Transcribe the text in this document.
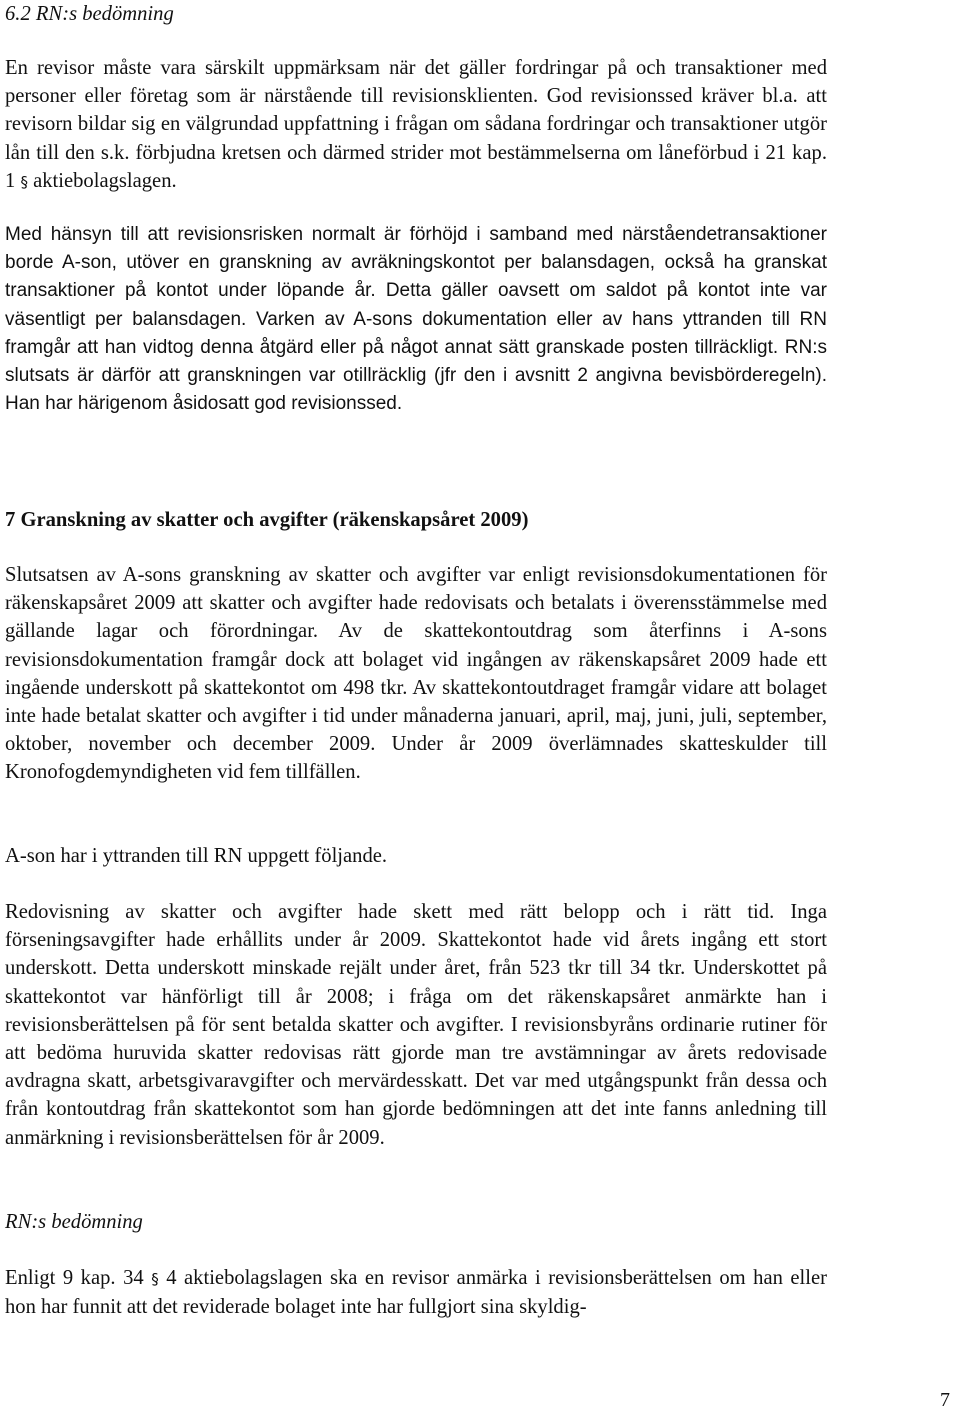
6.2 RN:s bedömning

En revisor måste vara särskilt uppmärksam när det gäller fordringar på och transaktioner med personer eller företag som är närstående till revisionsklienten. God revisionssed kräver bl.a. att revisorn bildar sig en välgrundad uppfattning i frågan om sådana fordringar och transaktioner utgör lån till den s.k. förbjudna kretsen och därmed strider mot bestämmelserna om låneförbud i 21 kap. 1 § aktiebolagslagen.

Med hänsyn till att revisionsrisken normalt är förhöjd i samband med närståendetransaktioner borde A-son, utöver en granskning av avräkningskontot per balansdagen, också ha granskat transaktioner på kontot under löpande år. Detta gäller oavsett om saldot på kontot inte var väsentligt per balansdagen. Varken av A-sons dokumentation eller av hans yttranden till RN framgår att han vidtog denna åtgärd eller på något annat sätt granskade posten tillräckligt. RN:s slutsats är därför att granskningen var otillräcklig (jfr den i avsnitt 2 angivna bevisbörderegeln). Han har härigenom åsidosatt god revisionssed.

7 Granskning av skatter och avgifter (räkenskapsåret 2009)

Slutsatsen av A-sons granskning av skatter och avgifter var enligt revisionsdokumentationen för räkenskapsåret 2009 att skatter och avgifter hade redovisats och betalats i överensstämmelse med gällande lagar och förordningar. Av de skattekontoutdrag som återfinns i A-sons revisionsdokumentation framgår dock att bolaget vid ingången av räkenskapsåret 2009 hade ett ingående underskott på skattekontot om 498 tkr. Av skattekontoutdraget framgår vidare att bolaget inte hade betalat skatter och avgifter i tid under månaderna januari, april, maj, juni, juli, september, oktober, november och december 2009. Under år 2009 överlämnades skatteskulder till Kronofogdemyndigheten vid fem tillfällen.

A-son har i yttranden till RN uppgett följande.

Redovisning av skatter och avgifter hade skett med rätt belopp och i rätt tid. Inga förseningsavgifter hade erhållits under år 2009. Skattekontot hade vid årets ingång ett stort underskott. Detta underskott minskade rejält under året, från 523 tkr till 34 tkr. Underskottet på skattekontot var hänförligt till år 2008; i fråga om det räkenskapsåret anmärkte han i revisionsberättelsen på för sent betalda skatter och avgifter. I revisionsbyråns ordinarie rutiner för att bedöma huruvida skatter redovisas rätt gjorde man tre avstämningar av årets redovisade avdragna skatt, arbetsgivaravgifter och mervärdesskatt. Det var med utgångspunkt från dessa och från kontoutdrag från skattekontot som han gjorde bedömningen att det inte fanns anledning till anmärkning i revisionsberättelsen för år 2009.

RN:s bedömning

Enligt 9 kap. 34 § 4 aktiebolagslagen ska en revisor anmärka i revisionsberättelsen om han eller hon har funnit att det reviderade bolaget inte har fullgjort sina skyldig-

7
